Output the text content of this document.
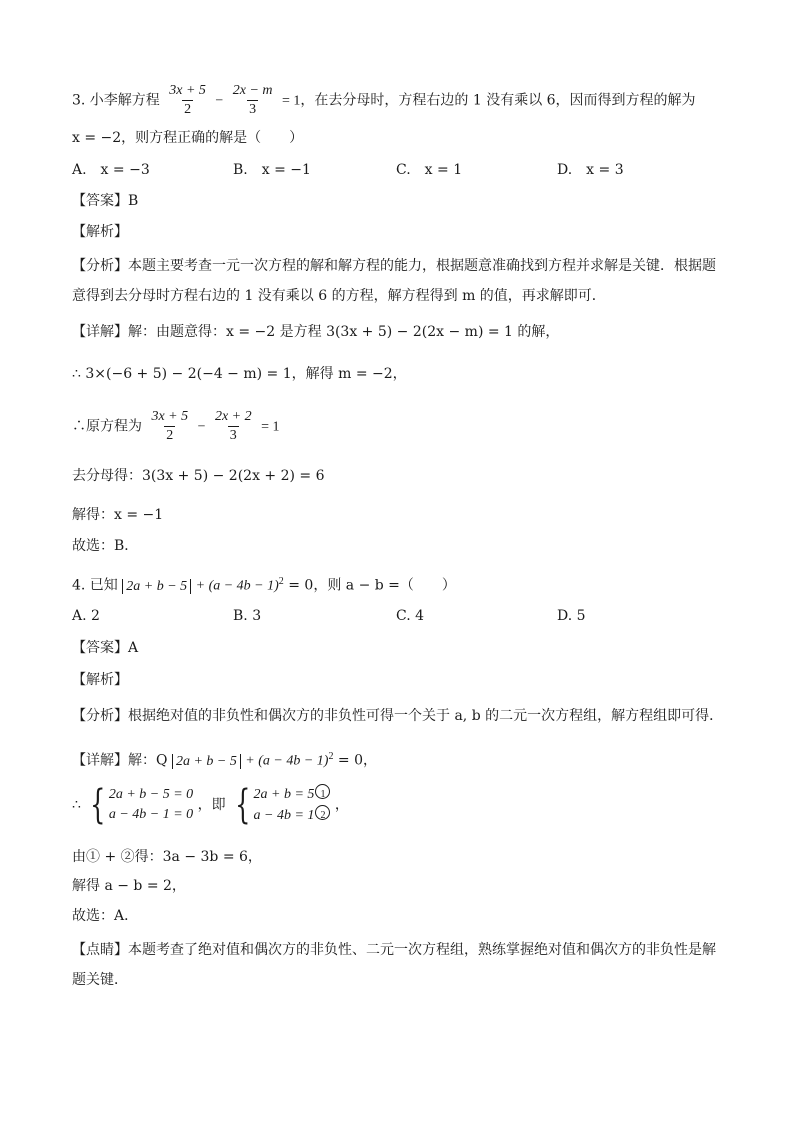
3. 小李解方程 $\frac{3x + 5}{2} - \frac{2x - m}{3} = 1$，在去分母时，方程右边的 1 没有乘以 6，因而得到方程的解为
x = −2，则方程正确的解是（　　）
A.　x = −3	B.　x = −1	C.　x = 1	D.　x = 3
【答案】B
【解析】
【分析】本题主要考查一元一次方程的解和解方程的能力，根据题意准确找到方程并求解是关键．根据题
意得到去分母时方程右边的 1 没有乘以 6 的方程，解方程得到 m 的值，再求解即可．
【详解】解：由题意得：x = −2 是方程 3(3x + 5) − 2(2x − m) = 1 的解，
∴ 3×(−6 + 5) − 2(−4 − m) = 1，解得 m = −2，
∴原方程为 $\frac{3x + 5}{2} - \frac{2x + 2}{3} = 1$
去分母得：3(3x + 5) − 2(2x + 2) = 6
解得：x = −1
故选：B．
4. 已知 $2a + b - 5 + (a - 4b - 1)^2 = 0$，则 a − b =（　　）
A. 2	B. 3	C. 4	D. 5
【答案】A
【解析】
【分析】根据绝对值的非负性和偶次方的非负性可得一个关于 a, b 的二元一次方程组，解方程组即可得．
【详解】解：Q $2a + b - 5 + (a - 4b - 1)^2 = 0$，
∴ { 2a + b − 5 = 0
a − 4b − 1 = 0
，即 { 2a + b = 5 1
a − 4b = 1 2
，
由① + ②得：3a − 3b = 6，
解得 a − b = 2，
故选：A．
【点睛】本题考查了绝对值和偶次方的非负性、二元一次方程组，熟练掌握绝对值和偶次方的非负性是解
题关键．
